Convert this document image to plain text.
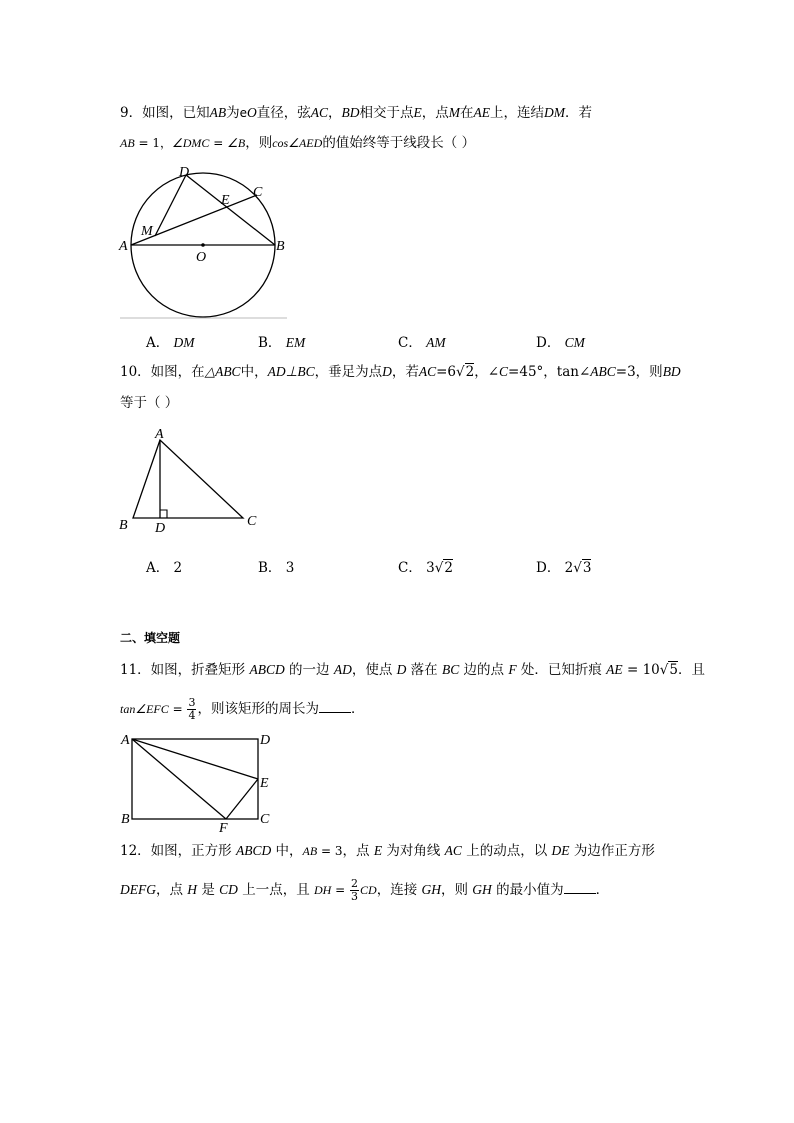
9．如图，已知AB为eO直径，弦AC，BD相交于点E，点M在AE上，连结DM．若
AB = 1，∠DMC = ∠B，则cos∠AED的值始终等于线段长（ ）
D
C
E
M
A
O
B
A． DM	B． EM	C． AM	D． CM
10．如图，在△ABC中，AD⊥BC，垂足为点D，若AC=6√2，∠C=45°，tan∠ABC=3，则BD
等于（ ）
A
B	C
D
A． 2	B． 3	C． 3√2	D． 2√3
二、填空题
11．如图，折叠矩形 ABCD 的一边 AD，使点 D 落在 BC 边的点 F 处．已知折痕 AE = 10√5．且
tan∠EFC = $\frac{3}{4}$ ，则该矩形的周长为 ．
A	D
E
B
F
C
12．如图，正方形 ABCD 中，AB = 3，点 E 为对角线 AC 上的动点，以 DE 为边作正方形
DEFG，点 H 是 CD 上一点，且 DH = $\frac{2}{3}$ CD，连接 GH，则 GH 的最小值为 ．
